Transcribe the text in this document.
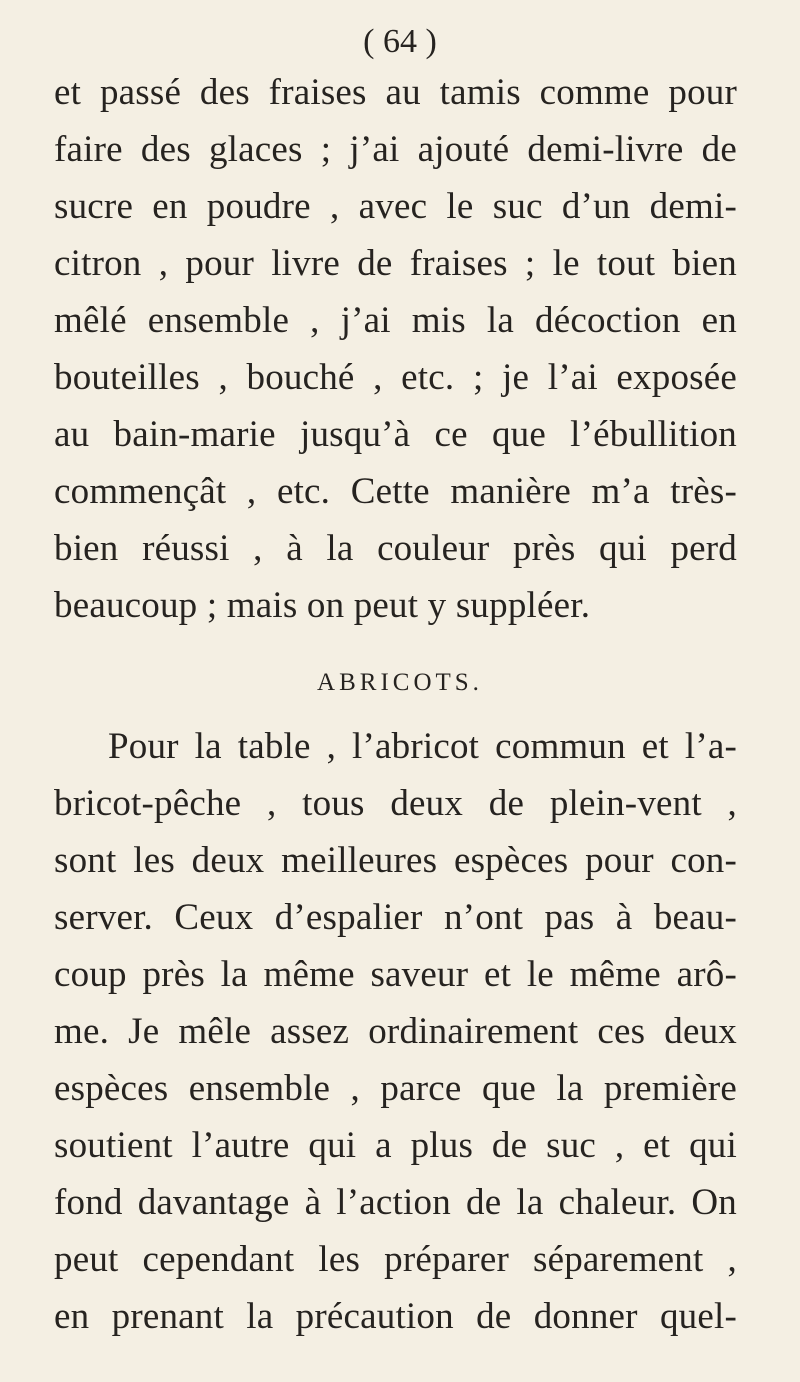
( 64 )
et passé des fraises au tamis comme pour
faire des glaces ; j’ai ajouté demi-livre de
sucre en poudre , avec le suc d’un demi-
citron , pour livre de fraises ; le tout bien
mêlé ensemble , j’ai mis la décoction en
bouteilles , bouché , etc. ; je l’ai exposée
au bain-marie jusqu’à ce que l’ébullition
commençât , etc. Cette manière m’a très-
bien réussi , à la couleur près qui perd
beaucoup ; mais on peut y suppléer.
ABRICOTS.
Pour la table , l’abricot commun et l’a-
bricot-pêche , tous deux de plein-vent ,
sont les deux meilleures espèces pour con-
server. Ceux d’espalier n’ont pas à beau-
coup près la même saveur et le même arô-
me. Je mêle assez ordinairement ces deux
espèces ensemble , parce que la première
soutient l’autre qui a plus de suc , et qui
fond davantage à l’action de la chaleur. On
peut cependant les préparer séparement ,
en prenant la précaution de donner quel-
